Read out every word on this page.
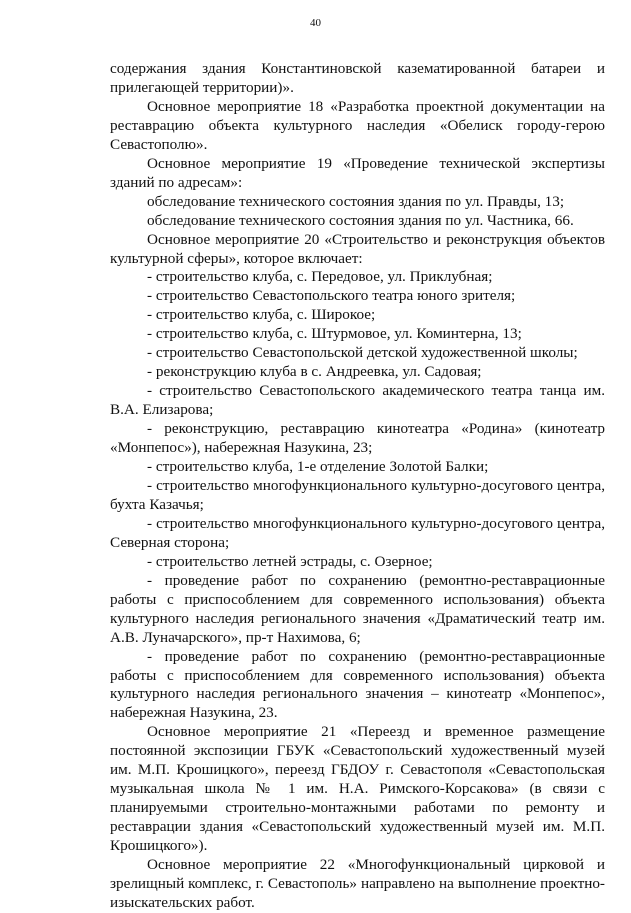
40

содержания здания Константиновской казематированной батареи и прилегающей территории)».

Основное мероприятие 18 «Разработка проектной документации на реставрацию объекта культурного наследия «Обелиск городу-герою Севастополю».

Основное мероприятие 19 «Проведение технической экспертизы зданий по адресам»:

обследование технического состояния здания по ул. Правды, 13;

обследование технического состояния здания по ул. Частника, 66.

Основное мероприятие 20 «Строительство и реконструкция объектов культурной сферы», которое включает:

- строительство клуба, с. Передовое, ул. Приклубная;

- строительство Севастопольского театра юного зрителя;

- строительство клуба, с. Широкое;

- строительство клуба, с. Штурмовое, ул. Коминтерна, 13;

- строительство Севастопольской детской художественной школы;

- реконструкцию клуба в с. Андреевка, ул. Садовая;

- строительство Севастопольского академического театра танца им. В.А. Елизарова;

- реконструкцию, реставрацию кинотеатра «Родина» (кинотеатр «Монпепос»), набережная Назукина, 23;

- строительство клуба, 1-е отделение Золотой Балки;

- строительство многофункционального культурно-досугового центра, бухта Казачья;

- строительство многофункционального культурно-досугового центра, Северная сторона;

- строительство летней эстрады, с. Озерное;

- проведение работ по сохранению (ремонтно-реставрационные работы с приспособлением для современного использования) объекта культурного наследия регионального значения «Драматический театр им. А.В. Луначарского», пр-т Нахимова, 6;

- проведение работ по сохранению (ремонтно-реставрационные работы с приспособлением для современного использования) объекта культурного наследия регионального значения – кинотеатр «Монпепос», набережная Назукина, 23.

Основное мероприятие 21 «Переезд и временное размещение постоянной экспозиции ГБУК «Севастопольский художественный музей им. М.П. Крошицкого», переезд ГБДОУ г. Севастополя «Севастопольская музыкальная школа № 1 им. Н.А. Римского-Корсакова» (в связи с планируемыми строительно-монтажными работами по ремонту и реставрации здания «Севастопольский художественный музей им. М.П. Крошицкого»).

Основное мероприятие 22 «Многофункциональный цирковой и зрелищный комплекс, г. Севастополь» направлено на выполнение проектно-изыскательских работ.
